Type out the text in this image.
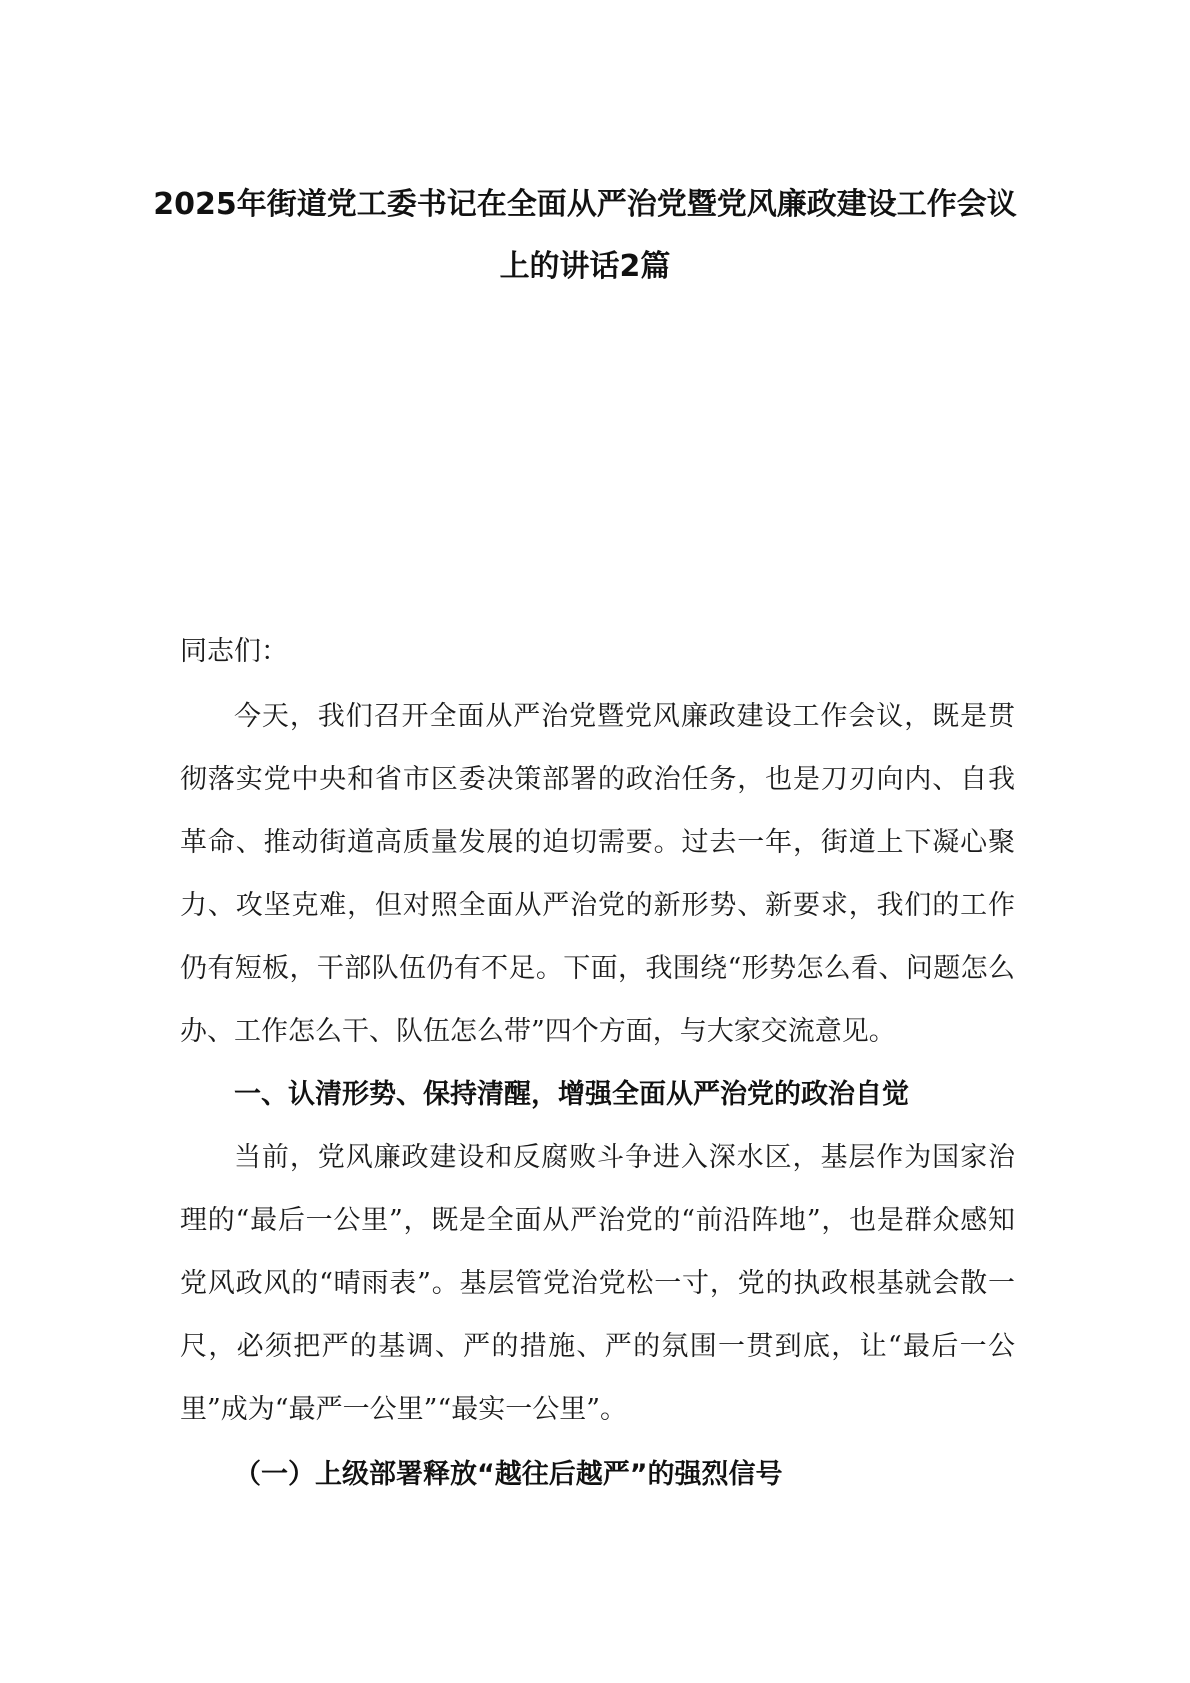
2025年街道党工委书记在全面从严治党暨党风廉政建设工作会议上的讲话2篇

同志们：

今天，我们召开全面从严治党暨党风廉政建设工作会议，既是贯彻落实党中央和省市区委决策部署的政治任务，也是刀刃向内、自我革命、推动街道高质量发展的迫切需要。过去一年，街道上下凝心聚力、攻坚克难，但对照全面从严治党的新形势、新要求，我们的工作仍有短板，干部队伍仍有不足。下面，我围绕“形势怎么看、问题怎么办、工作怎么干、队伍怎么带”四个方面，与大家交流意见。

一、认清形势、保持清醒，增强全面从严治党的政治自觉

当前，党风廉政建设和反腐败斗争进入深水区，基层作为国家治理的“最后一公里”，既是全面从严治党的“前沿阵地”，也是群众感知党风政风的“晴雨表”。基层管党治党松一寸，党的执政根基就会散一尺，必须把严的基调、严的措施、严的氛围一贯到底，让“最后一公里”成为“最严一公里”“最实一公里”。

（一）上级部署释放“越往后越严”的强烈信号
